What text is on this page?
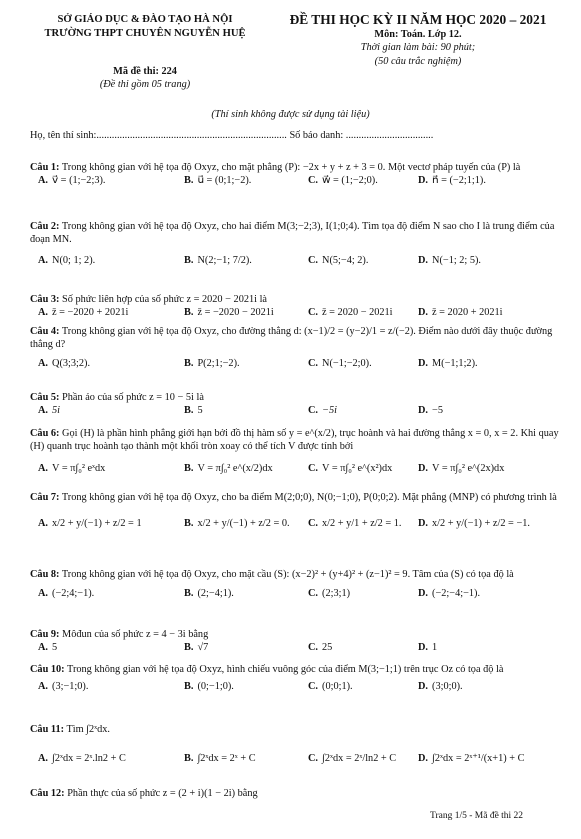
SỞ GIÁO DỤC & ĐÀO TẠO HÀ NỘI
TRƯỜNG THPT CHUYÊN NGUYỄN HUỆ
ĐỀ THI HỌC KỲ II NĂM HỌC 2020 – 2021
Môn: Toán. Lớp 12.
Thời gian làm bài: 90 phút;
(50 câu trắc nghiệm)
Mã đề thi: 224
(Đề thi gồm 05 trang)
(Thí sinh không được sử dụng tài liệu)
Họ, tên thí sinh:.......................................................................... Số báo danh: ..................................

Câu 1: Trong không gian với hệ tọa độ Oxyz, cho mặt phẳng (P): −2x + y + z + 3 = 0. Một vectơ pháp tuyến của (P) là

A. v⃗ = (1;−2;3).	B. u⃗ = (0;1;−2).	C. w⃗ = (1;−2;0).	D. n⃗ = (−2;1;1).

Câu 2: Trong không gian với hệ tọa độ Oxyz, cho hai điểm M(3;−2;3), I(1;0;4). Tìm tọa độ điểm N sao cho I là trung điểm của đoạn MN.

A. N(0; 1; 2).	B. N(2;−1; 7/2).	C. N(5;−4; 2).	D. N(−1; 2; 5).

Câu 3: Số phức liên hợp của số phức z = 2020 − 2021i là

A. z̄ = −2020 + 2021i	B. z̄ = −2020 − 2021i	C. z̄ = 2020 − 2021i D. z̄ = 2020 + 2021i

Câu 4: Trong không gian với hệ tọa độ Oxyz, cho đường thẳng d: (x−1)/2 = (y−2)/1 = z/(−2). Điểm nào dưới đây thuộc đường thẳng d?

A. Q(3;3;2).	B. P(2;1;−2).	C. N(−1;−2;0).	D. M(−1;1;2).

Câu 5: Phần ảo của số phức z = 10 − 5i là

A. 5i	B. 5	C. −5i	D. −5

Câu 6: Gọi (H) là phần hình phẳng giới hạn bởi đồ thị hàm số y = e^(x/2), trục hoành và hai đường thẳng x = 0, x = 2. Khi quay (H) quanh trục hoành tạo thành một khối tròn xoay có thể tích V được tính bởi

A. V = π∫₀² eˣdx	B. V = π∫₀² e^(x/2)dx	C. V = π∫₀² e^(x²)dx D. V = π∫₀² e^(2x)dx

Câu 7: Trong không gian với hệ tọa độ Oxyz, cho ba điểm M(2;0;0), N(0;−1;0), P(0;0;2). Mặt phẳng (MNP) có phương trình là

A. x/2 + y/(−1) + z/2 = 1	B. x/2 + y/(−1) + z/2 = 0. C. x/2 + y/1 + z/2 = 1. D. x/2 + y/(−1) + z/2 = −1.

Câu 8: Trong không gian với hệ tọa độ Oxyz, cho mặt cầu (S): (x−2)² + (y+4)² + (z−1)² = 9. Tâm của (S) có tọa độ là

A. (−2;4;−1).	B. (2;−4;1).	C. (2;3;1)	D. (−2;−4;−1).

Câu 9: Môđun của số phức z = 4 − 3i bằng

A. 5	B. √7	C. 25	D. 1

Câu 10: Trong không gian với hệ tọa độ Oxyz, hình chiếu vuông góc của điểm M(3;−1;1) trên trục Oz có tọa độ là

A. (3;−1;0).	B. (0;−1;0).	C. (0;0;1).	D. (3;0;0).

Câu 11: Tìm ∫2ˣdx.

A. ∫2ˣdx = 2ˣ.ln2 + C	B. ∫2ˣdx = 2ˣ + C	C. ∫2ˣdx = 2ˣ/ln2 + C D. ∫2ˣdx = 2ˣ⁺¹/(x+1) + C

Câu 12: Phần thực của số phức z = (2 + i)(1 − 2i) bằng

Trang 1/5 - Mã đề thi 22
